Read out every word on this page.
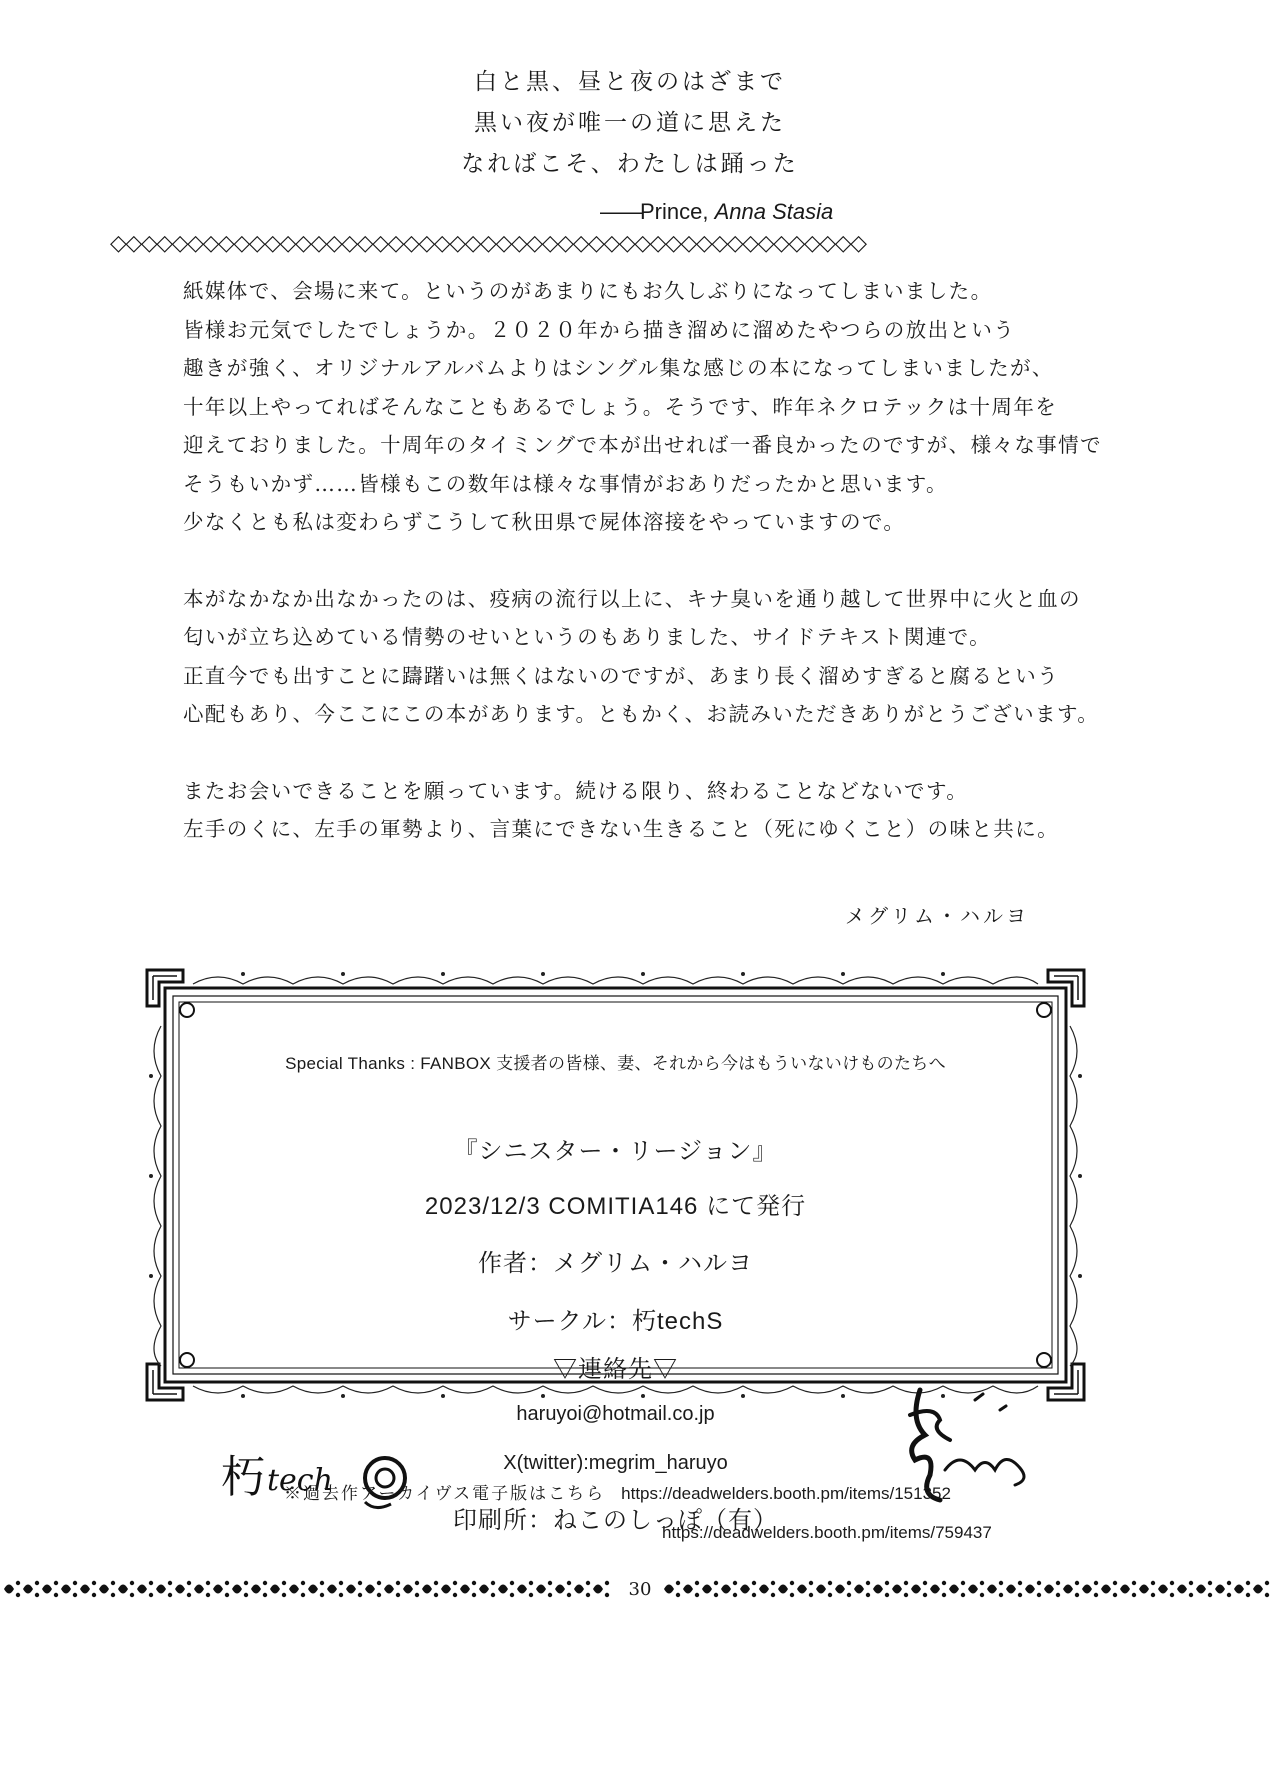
白と黒、昼と夜のはざまで
黒い夜が唯一の道に思えた
なればこそ、わたしは踊った
——Prince, Anna Stasia
◇◇◇◇◇◇◇◇◇◇◇◇◇◇◇◇◇◇◇◇◇◇◇◇◇◇◇◇◇◇◇◇◇◇◇◇◇◇◇◇◇◇◇◇◇◇◇◇◇
紙媒体で、会場に来て。というのがあまりにもお久しぶりになってしまいました。
皆様お元気でしたでしょうか。２０２０年から描き溜めに溜めたやつらの放出という
趣きが強く、オリジナルアルバムよりはシングル集な感じの本になってしまいましたが、
十年以上やってればそんなこともあるでしょう。そうです、昨年ネクロテックは十周年を
迎えておりました。十周年のタイミングで本が出せれば一番良かったのですが、様々な事情で
そうもいかず……皆様もこの数年は様々な事情がおありだったかと思います。
少なくとも私は変わらずこうして秋田県で屍体溶接をやっていますので。
本がなかなか出なかったのは、疫病の流行以上に、キナ臭いを通り越して世界中に火と血の
匂いが立ち込めている情勢のせいというのもありました、サイドテキスト関連で。
正直今でも出すことに躊躇いは無くはないのですが、あまり長く溜めすぎると腐るという
心配もあり、今ここにこの本があります。ともかく、お読みいただきありがとうございます。
またお会いできることを願っています。続ける限り、終わることなどないです。
左手のくに、左手の軍勢より、言葉にできない生きること（死にゆくこと）の味と共に。
メグリム・ハルヨ
Special Thanks : FANBOX 支援者の皆様、妻、それから今はもういないけものたちへ
『シニスター・リージョン』
2023/12/3 COMITIA146 にて発行
作者：メグリム・ハルヨ
サークル：朽techS
▽連絡先▽
haruyoi@hotmail.co.jp
X(twitter):megrim_haruyo
印刷所：ねこのしっぽ（有）
朽 tech
※過去作アーカイヴス電子版はこちら https://deadwelders.booth.pm/items/151352
https://deadwelders.booth.pm/items/759437
30
